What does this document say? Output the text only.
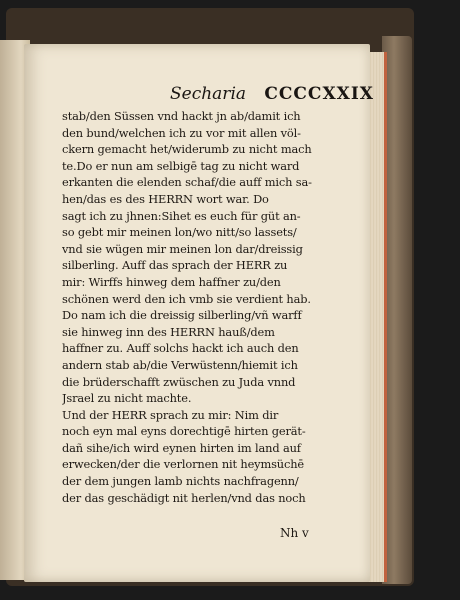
Secharia CCCCXXIX
stab/den Süssen vnd hackt jn ab/damit ich
den bund/welchen ich zu vor mit allen völ-
ckern gemacht het/widerumb zu nicht mach
te.Do er nun am selbigē tag zu nicht ward
erkanten die elenden schaf/die auff mich sa-
hen/das es des HERRN wort war. Do
sagt ich zu jhnen:Sihet es euch für güt an-
so gebt mir meinen lon/wo nitt/so lassets/
vnd sie wügen mir meinen lon dar/dreissig
silberling. Auff das sprach der HERR zu
mir: Wirffs hinweg dem haffner zu/den
schönen werd den ich vmb sie verdient hab.
Do nam ich die dreissig silberling/vñ warff
sie hinweg inn des HERRN hauß/dem
haffner zu. Auff solchs hackt ich auch den
andern stab ab/die Verwüstenn/hiemit ich
die brüderschafft zwüschen zu Juda vnnd
Jsrael zu nicht machte.
Und der HERR sprach zu mir: Nim dir
noch eyn mal eyns dorechtigē hirten gerät-
dañ sihe/ich wird eynen hirten im land auf
erwecken/der die verlornen nit heymsüchē
der dem jungen lamb nichts nachfragenn/
der das geschädigt nit herlen/vnd das noch
Nh v
